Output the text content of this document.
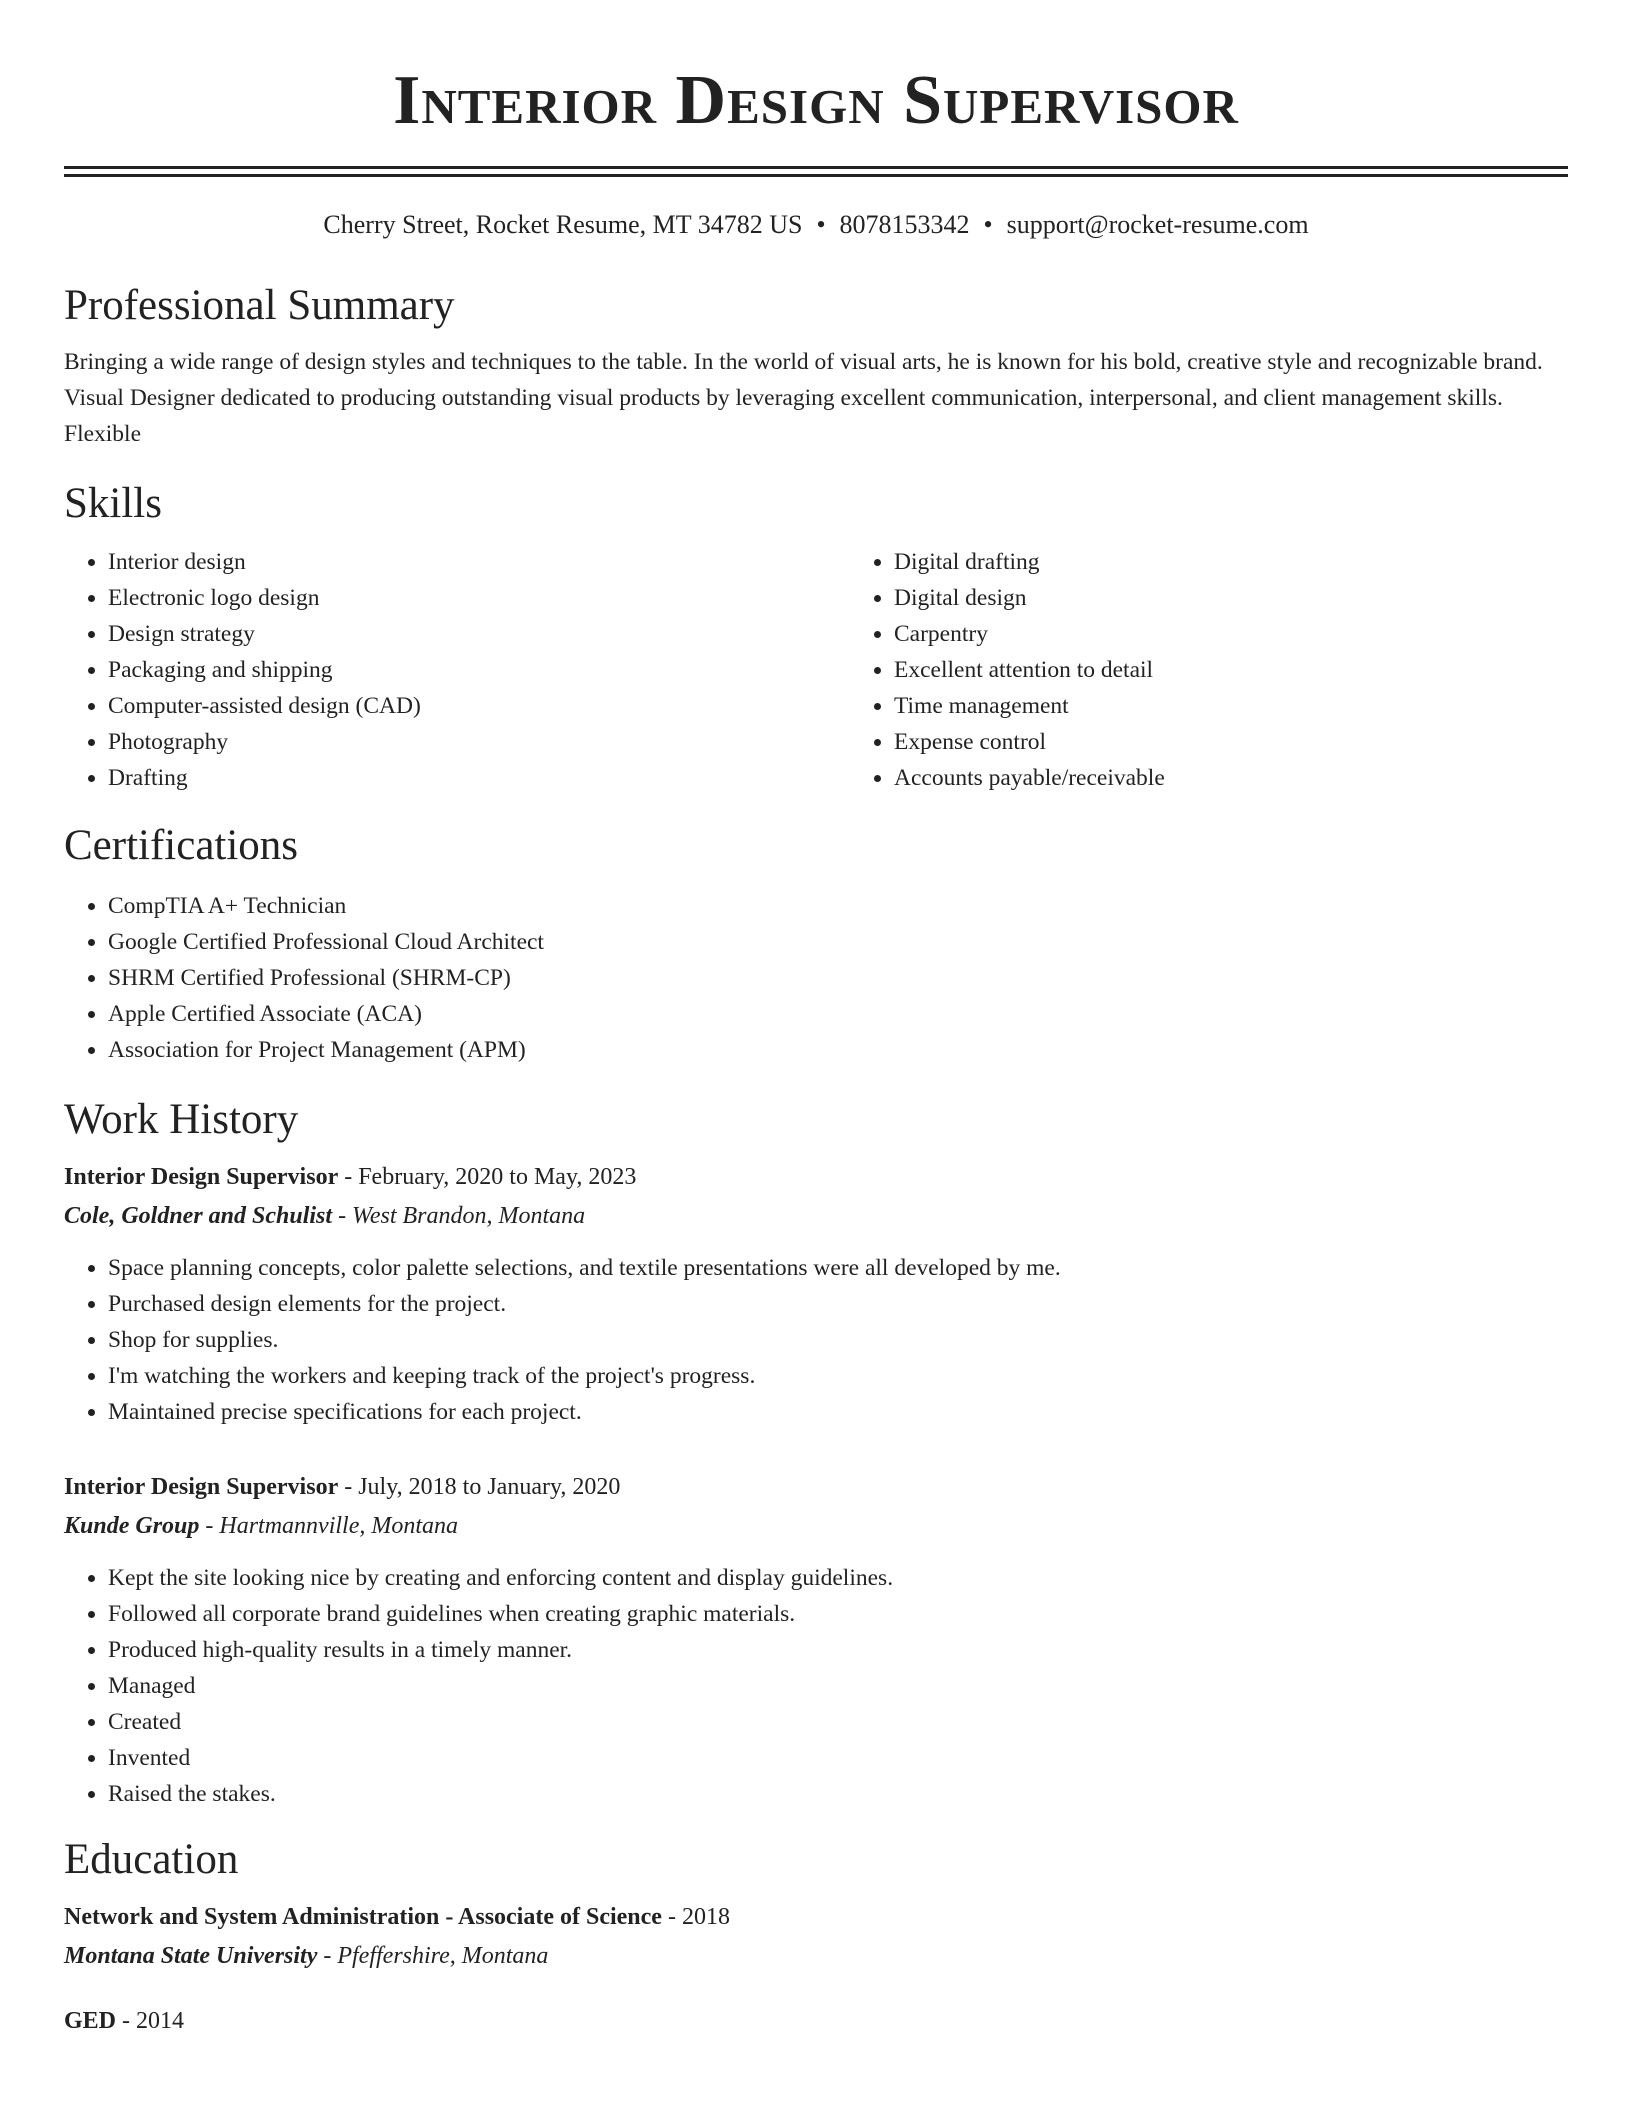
Interior Design Supervisor
Cherry Street, Rocket Resume, MT 34782 US • 8078153342 • support@rocket-resume.com
Professional Summary
Bringing a wide range of design styles and techniques to the table. In the world of visual arts, he is known for his bold, creative style and recognizable brand. Visual Designer dedicated to producing outstanding visual products by leveraging excellent communication, interpersonal, and client management skills. Flexible
Skills
• Interior design
• Electronic logo design
• Design strategy
• Packaging and shipping
• Computer-assisted design (CAD)
• Photography
• Drafting
• Digital drafting
• Digital design
• Carpentry
• Excellent attention to detail
• Time management
• Expense control
• Accounts payable/receivable
Certifications
• CompTIA A+ Technician
• Google Certified Professional Cloud Architect
• SHRM Certified Professional (SHRM-CP)
• Apple Certified Associate (ACA)
• Association for Project Management (APM)
Work History
Interior Design Supervisor - February, 2020 to May, 2023
Cole, Goldner and Schulist - West Brandon, Montana
• Space planning concepts, color palette selections, and textile presentations were all developed by me.
• Purchased design elements for the project.
• Shop for supplies.
• I'm watching the workers and keeping track of the project's progress.
• Maintained precise specifications for each project.
Interior Design Supervisor - July, 2018 to January, 2020
Kunde Group - Hartmannville, Montana
• Kept the site looking nice by creating and enforcing content and display guidelines.
• Followed all corporate brand guidelines when creating graphic materials.
• Produced high-quality results in a timely manner.
• Managed
• Created
• Invented
• Raised the stakes.
Education
Network and System Administration - Associate of Science - 2018
Montana State University - Pfeffershire, Montana
GED - 2014
